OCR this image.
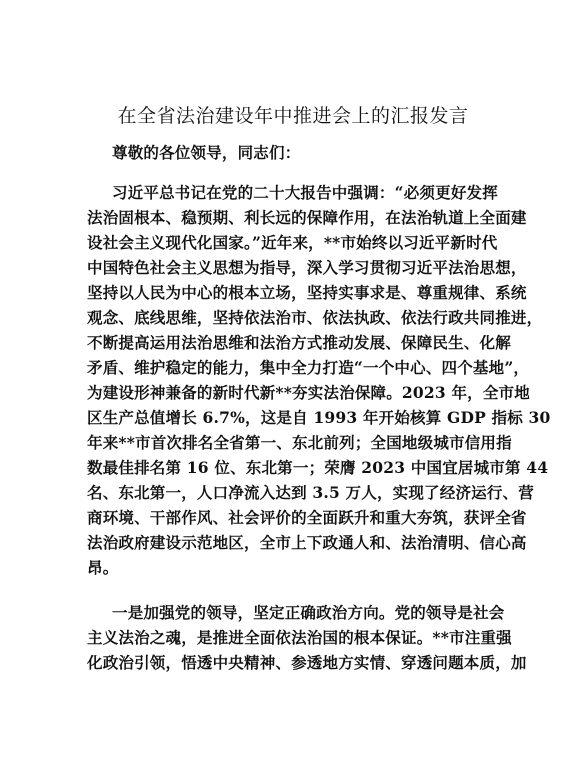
在全省法治建设年中推进会上的汇报发言
尊敬的各位领导，同志们：
习近平总书记在党的二十大报告中强调：“必须更好发挥
法治固根本、稳预期、利长远的保障作用，在法治轨道上全面建
设社会主义现代化国家。”近年来，**市始终以习近平新时代
中国特色社会主义思想为指导，深入学习贯彻习近平法治思想，
坚持以人民为中心的根本立场，坚持实事求是、尊重规律、系统
观念、底线思维，坚持依法治市、依法执政、依法行政共同推进，
不断提高运用法治思维和法治方式推动发展、保障民生、化解
矛盾、维护稳定的能力，集中全力打造“一个中心、四个基地”，
为建设形神兼备的新时代新**夯实法治保障。2023 年，全市地
区生产总值增长 6.7%，这是自 1993 年开始核算 GDP 指标 30
年来**市首次排名全省第一、东北前列；全国地级城市信用指
数最佳排名第 16 位、东北第一；荣膺 2023 中国宜居城市第 44
名、东北第一，人口净流入达到 3.5 万人，实现了经济运行、营
商环境、干部作风、社会评价的全面跃升和重大夯筑，获评全省
法治政府建设示范地区，全市上下政通人和、法治清明、信心高
昂。
一是加强党的领导，坚定正确政治方向。党的领导是社会
主义法治之魂，是推进全面依法治国的根本保证。**市注重强
化政治引领，悟透中央精神、参透地方实情、穿透问题本质，加
